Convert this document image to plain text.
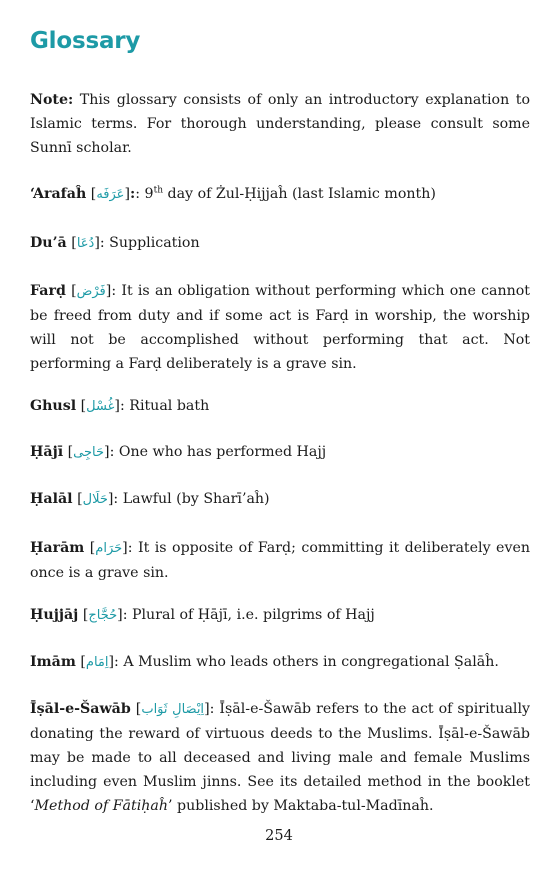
Glossary
Note: This glossary consists of only an introductory explanation to Islamic terms. For thorough understanding, please consult some Sunnī scholar.
‘Arafaĥ [عَرَفَه]:: 9th day of Żul-Ḥijjaĥ (last Islamic month)
Du’ā [دُعَا]: Supplication
Farḍ [فَرْض]: It is an obligation without performing which one cannot be freed from duty and if some act is Farḍ in worship, the worship will not be accomplished without performing that act. Not performing a Farḍ deliberately is a grave sin.
Ghusl [غُسْل]: Ritual bath
Ḥājī [حَاجِى]: One who has performed Hajj
Ḥalāl [حَلَال]: Lawful (by Sharī’aĥ)
Ḥarām [حَرَام]: It is opposite of Farḍ; committing it deliberately even once is a grave sin.
Ḥujjāj [حُجَّاج]: Plural of Ḥājī, i.e. pilgrims of Hajj
Imām [اِمَام]: A Muslim who leads others in congregational Ṣalāĥ.
Īṣāl-e-Šawāb [اِیْصَالِ ثَوَاب]: Īṣāl-e-Šawāb refers to the act of spiritually donating the reward of virtuous deeds to the Muslims. Īṣāl-e-Šawāb may be made to all deceased and living male and female Muslims including even Muslim jinns. See its detailed method in the booklet ‘Method of Fātiḥaĥ’ published by Maktaba-tul-Madīnaĥ.
254
